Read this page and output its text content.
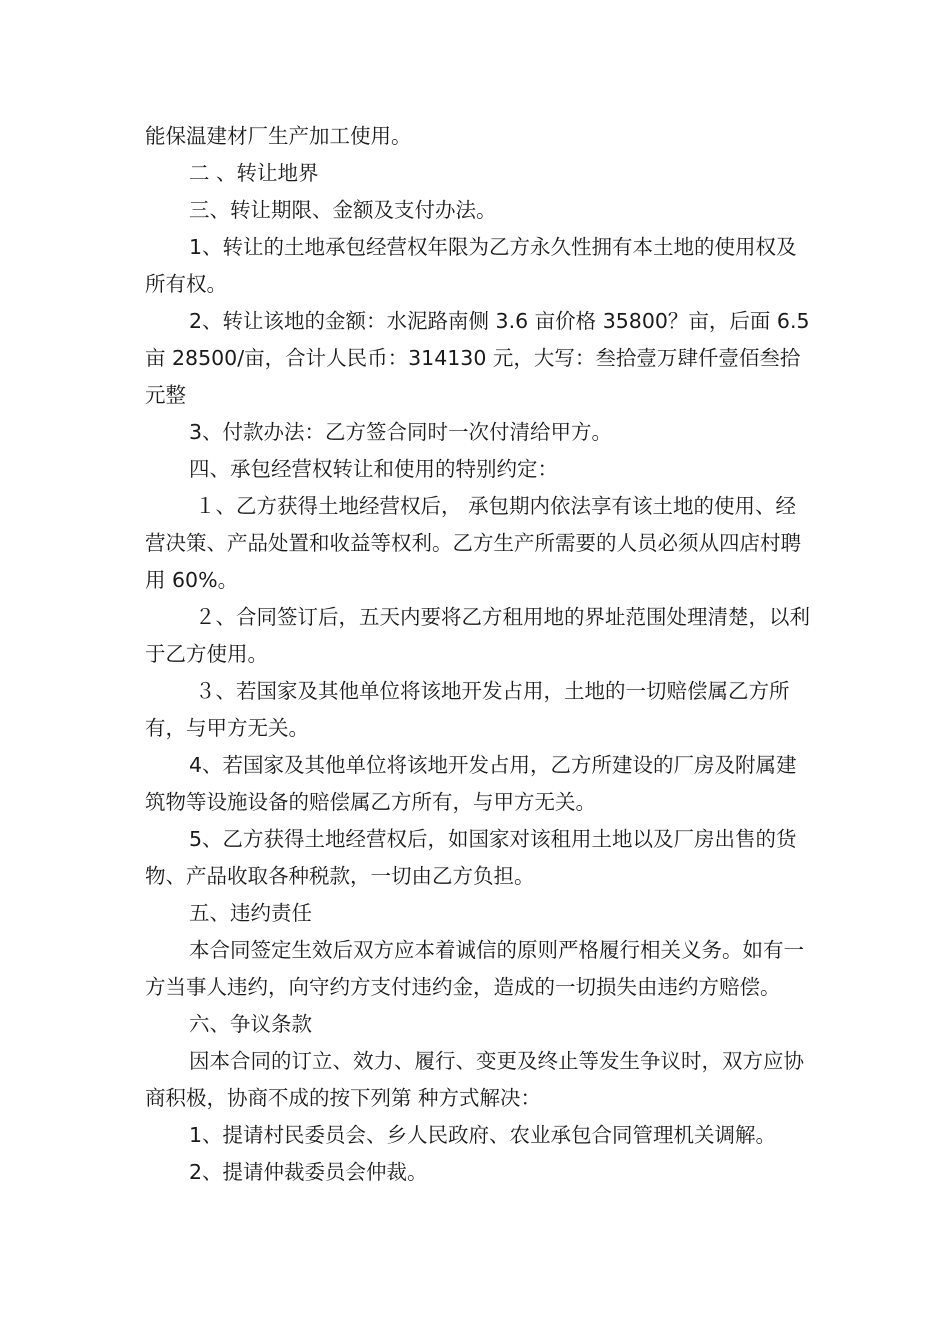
能保温建材厂生产加工使用。

二 、转让地界

三、转让期限、金额及支付办法。

1、转让的土地承包经营权年限为乙方永久性拥有本土地的使用权及所有权。

2、转让该地的金额：水泥路南侧 3.6 亩价格 35800？亩，后面 6.5 亩 28500/亩，合计人民币：314130 元，大写：叁拾壹万肆仟壹佰叁拾元整

3、付款办法：乙方签合同时一次付清给甲方。

四、承包经营权转让和使用的特别约定：

１、乙方获得土地经营权后， 承包期内依法享有该土地的使用、经营决策、产品处置和收益等权利。乙方生产所需要的人员必须从四店村聘用 60%。

２、合同签订后，五天内要将乙方租用地的界址范围处理清楚，以利于乙方使用。

３、若国家及其他单位将该地开发占用，土地的一切赔偿属乙方所有，与甲方无关。

4、若国家及其他单位将该地开发占用，乙方所建设的厂房及附属建筑物等设施设备的赔偿属乙方所有，与甲方无关。

5、乙方获得土地经营权后，如国家对该租用土地以及厂房出售的货物、产品收取各种税款，一切由乙方负担。

五、违约责任

本合同签定生效后双方应本着诚信的原则严格履行相关义务。如有一方当事人违约，向守约方支付违约金，造成的一切损失由违约方赔偿。

六、争议条款

因本合同的订立、效力、履行、变更及终止等发生争议时，双方应协商积极，协商不成的按下列第 种方式解决：

1、提请村民委员会、乡人民政府、农业承包合同管理机关调解。

2、提请仲裁委员会仲裁。
